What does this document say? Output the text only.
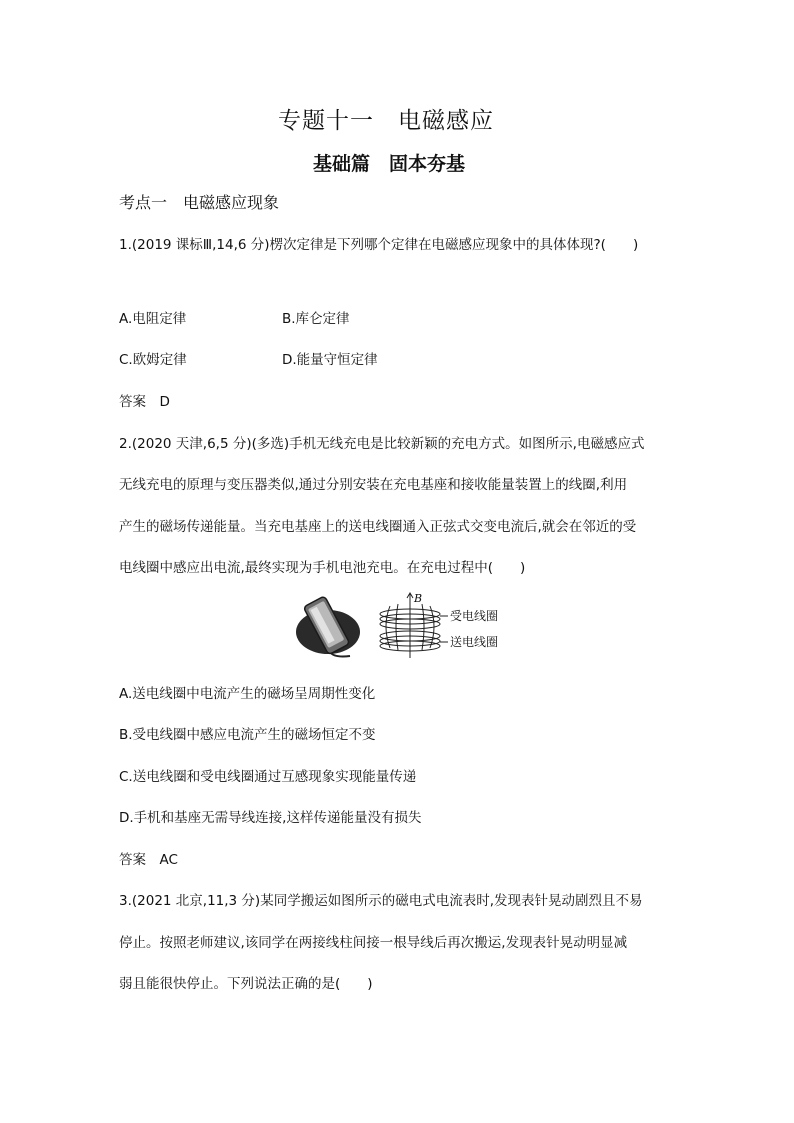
专题十一　电磁感应
基础篇　固本夯基
考点一　电磁感应现象
1.(2019 课标Ⅲ,14,6 分)楞次定律是下列哪个定律在电磁感应现象中的具体体现?(　　)
A.电阻定律	B.库仑定律
C.欧姆定律	D.能量守恒定律
答案　D
2.(2020 天津,6,5 分)(多选)手机无线充电是比较新颖的充电方式。如图所示,电磁感应式
无线充电的原理与变压器类似,通过分别安装在充电基座和接收能量装置上的线圈,利用
产生的磁场传递能量。当充电基座上的送电线圈通入正弦式交变电流后,就会在邻近的受
电线圈中感应出电流,最终实现为手机电池充电。在充电过程中(　　)
B
受电线圈
送电线圈
A.送电线圈中电流产生的磁场呈周期性变化
B.受电线圈中感应电流产生的磁场恒定不变
C.送电线圈和受电线圈通过互感现象实现能量传递
D.手机和基座无需导线连接,这样传递能量没有损失
答案　AC
3.(2021 北京,11,3 分)某同学搬运如图所示的磁电式电流表时,发现表针晃动剧烈且不易
停止。按照老师建议,该同学在两接线柱间接一根导线后再次搬运,发现表针晃动明显减
弱且能很快停止。下列说法正确的是(　　)
